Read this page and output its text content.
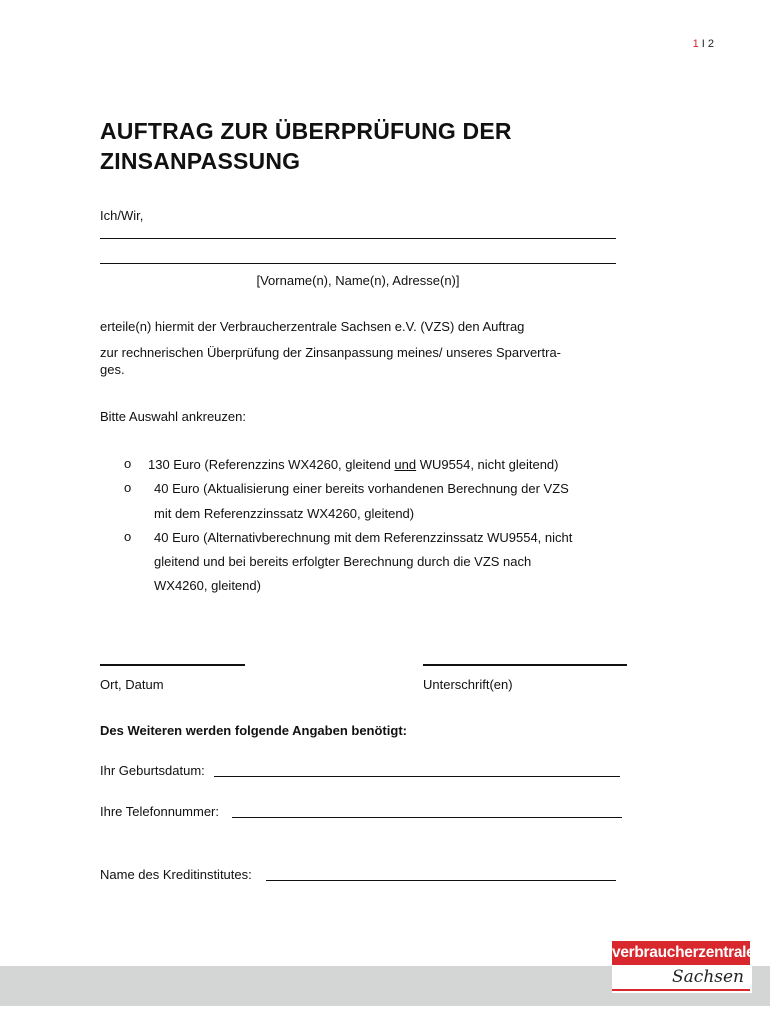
1 I 2
AUFTRAG ZUR ÜBERPRÜFUNG DER
ZINSANPASSUNG
Ich/Wir,
[Vorname(n), Name(n), Adresse(n)]
erteile(n) hiermit der Verbraucherzentrale Sachsen e.V. (VZS) den Auftrag
zur rechnerischen Überprüfung der Zinsanpassung meines/ unseres Sparvertra-
ges.
Bitte Auswahl ankreuzen:
o 130 Euro (Referenzzins WX4260, gleitend und WU9554, nicht gleitend)
o 40 Euro (Aktualisierung einer bereits vorhandenen Berechnung der VZS
mit dem Referenzzinssatz WX4260, gleitend)
o 40 Euro (Alternativberechnung mit dem Referenzzinssatz WU9554, nicht
gleitend und bei bereits erfolgter Berechnung durch die VZS nach
WX4260, gleitend)
Ort, Datum	Unterschrift(en)
Des Weiteren werden folgende Angaben benötigt:
Ihr Geburtsdatum:
Ihre Telefonnummer:
Name des Kreditinstitutes:
verbraucherzentrale
Sachsen
